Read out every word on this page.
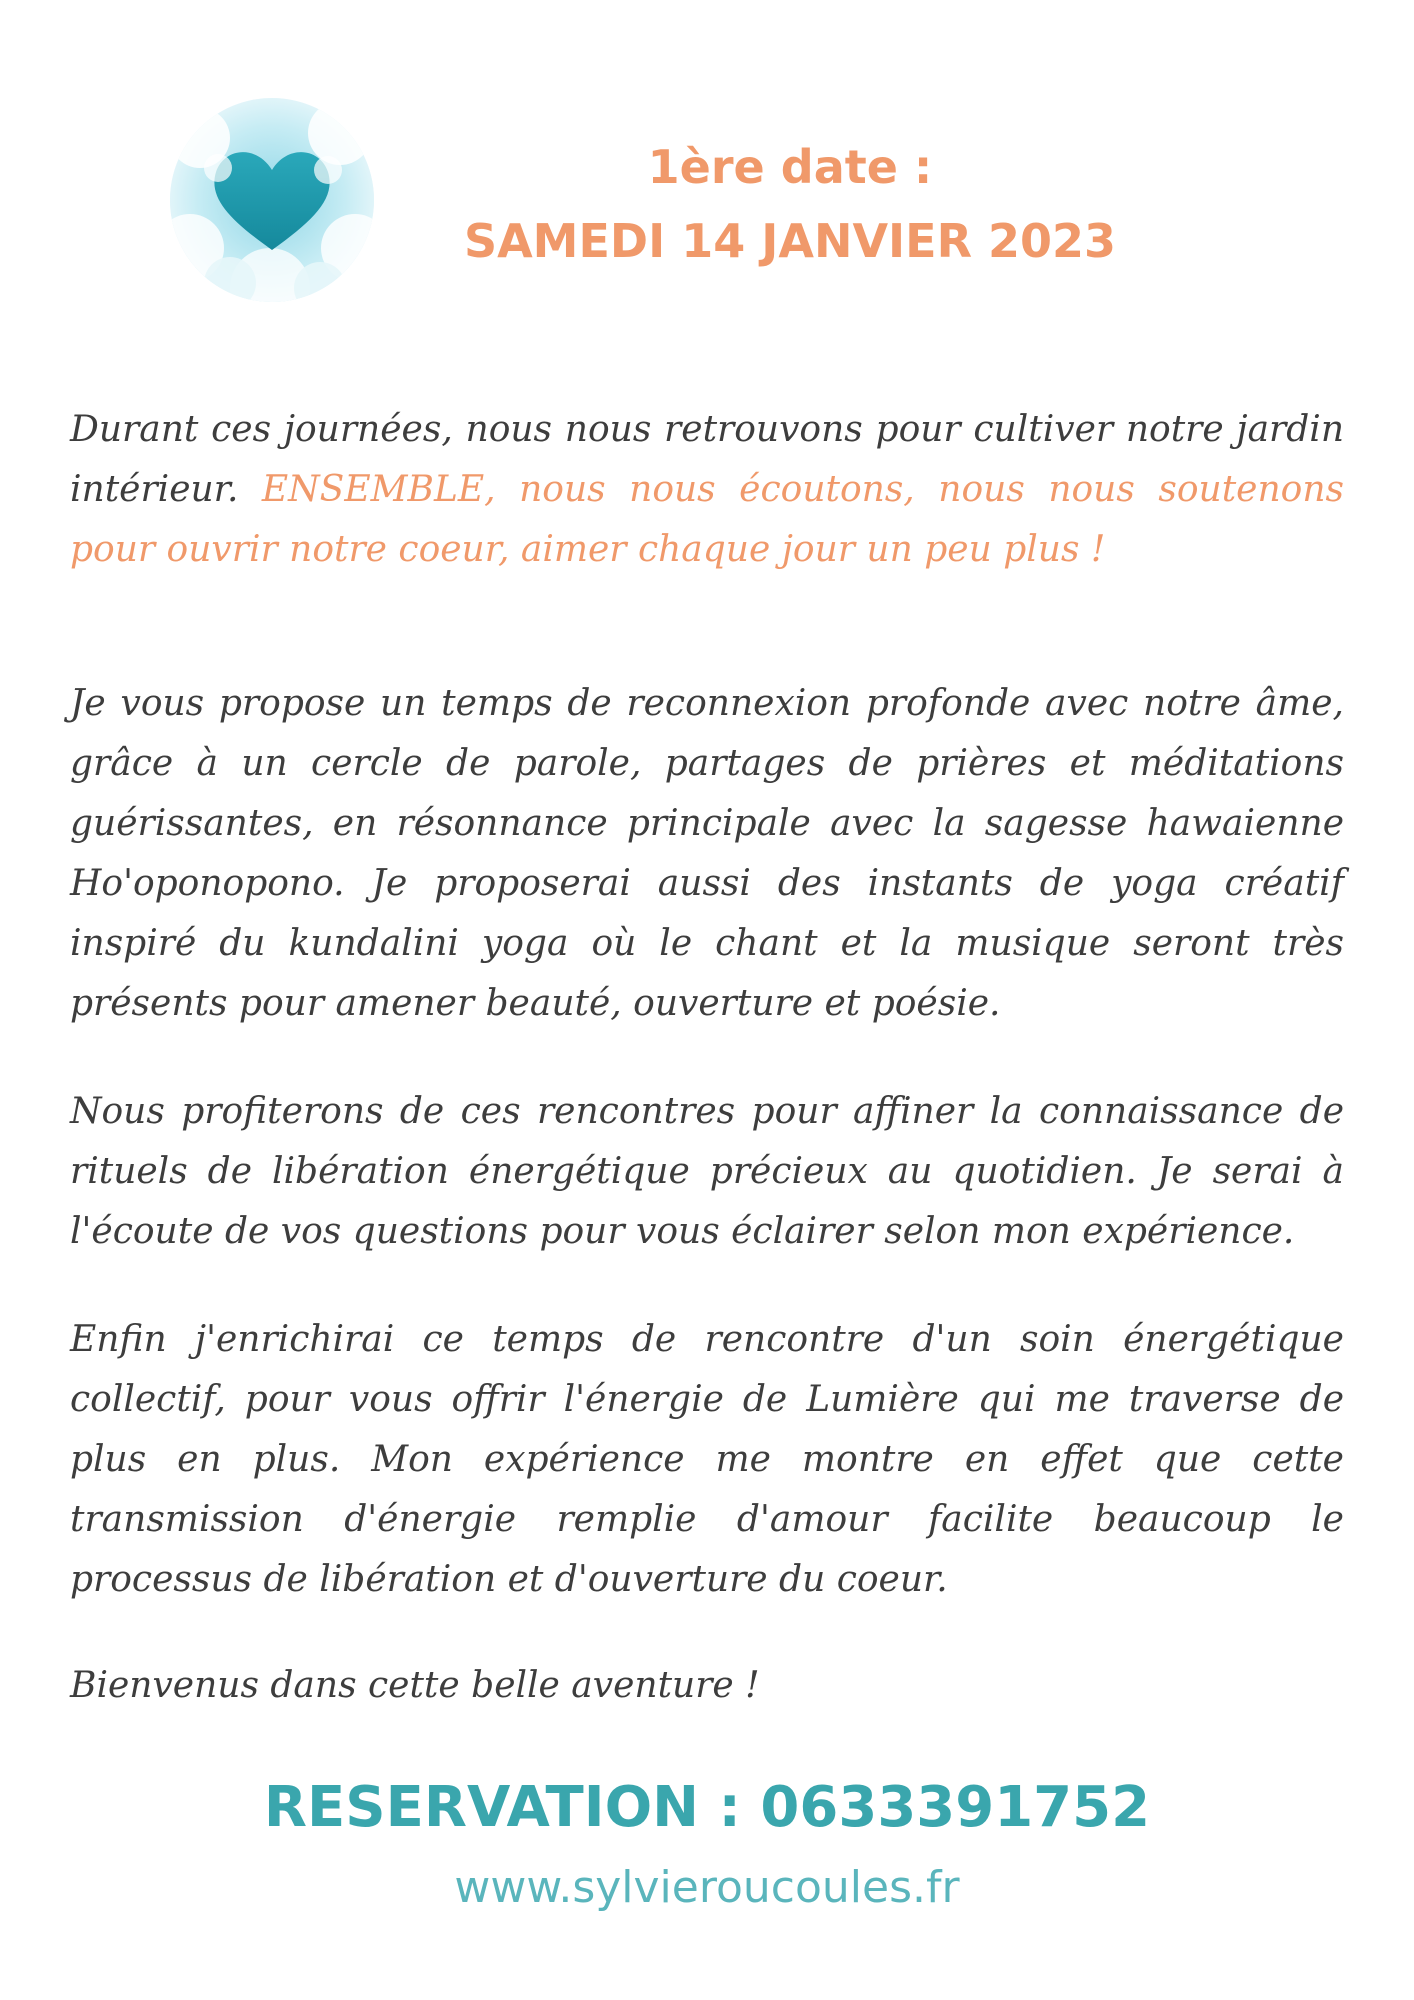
1ère date :
SAMEDI 14 JANVIER 2023

Durant ces journées, nous nous retrouvons pour cultiver notre jardin intérieur. ENSEMBLE, nous nous écoutons, nous nous soutenons pour ouvrir notre coeur, aimer chaque jour un peu plus !

Je vous propose un temps de reconnexion profonde avec notre âme, grâce à un cercle de parole, partages de prières et méditations guérissantes, en résonnance principale avec la sagesse hawaienne Ho'oponopono. Je proposerai aussi des instants de yoga créatif inspiré du kundalini yoga où le chant et la musique seront très présents pour amener beauté, ouverture et poésie.

Nous profiterons de ces rencontres pour affiner la connaissance de rituels de libération énergétique précieux au quotidien. Je serai à l'écoute de vos questions pour vous éclairer selon mon expérience.

Enfin j'enrichirai ce temps de rencontre d'un soin énergétique collectif, pour vous offrir l'énergie de Lumière qui me traverse de plus en plus. Mon expérience me montre en effet que cette transmission d'énergie remplie d'amour facilite beaucoup le processus de libération et d'ouverture du coeur.

Bienvenus dans cette belle aventure !

RESERVATION : 0633391752
www.sylvieroucoules.fr
